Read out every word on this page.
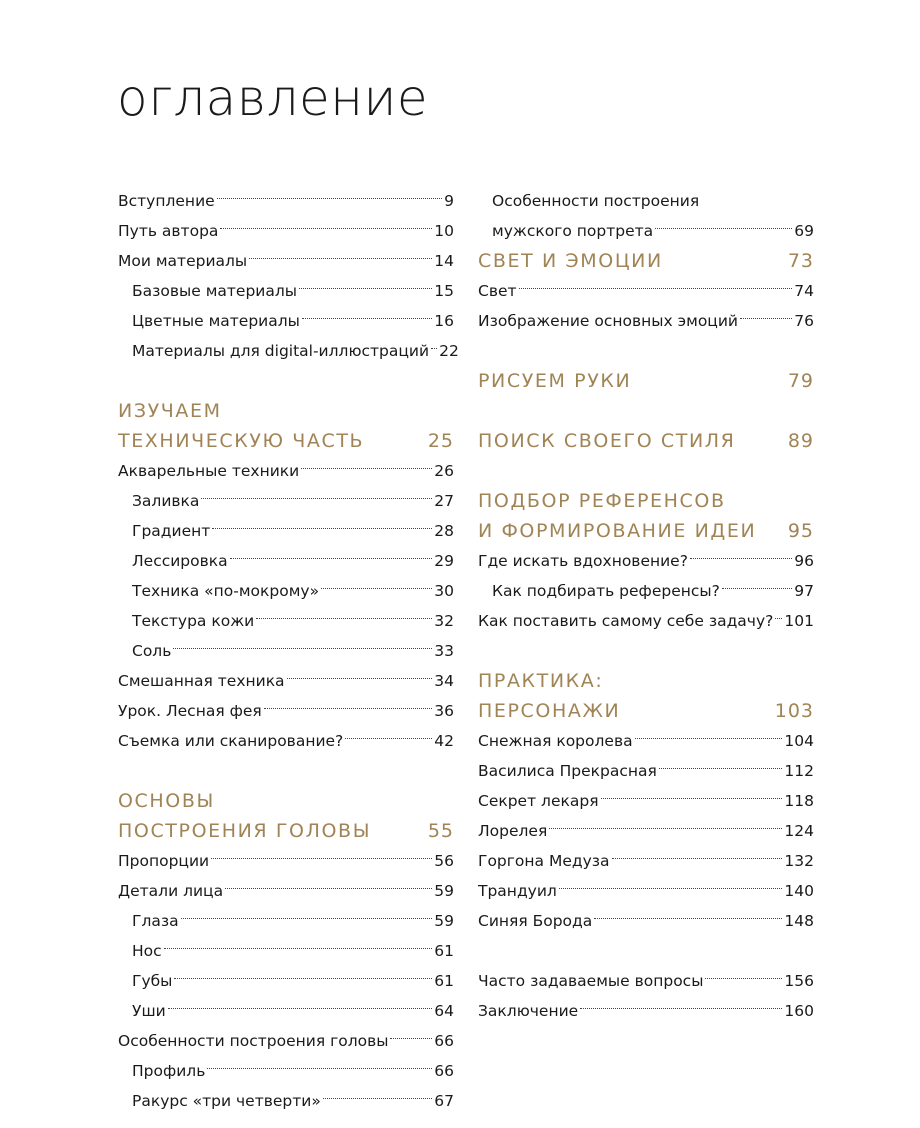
оглавление
Вступление	9
Путь автора	10
Мои материалы	14
Базовые материалы	15
Цветные материалы	16
Материалы для digital-иллюстраций 22
ИЗУЧАЕМ
ТЕХНИЧЕСКУЮ ЧАСТЬ	25
Акварельные техники	26
Заливка	27
Градиент	28
Лессировка	29
Техника «по-мокрому»	30
Текстура кожи	32
Соль	33
Смешанная техника	34
Урок. Лесная фея	36
Съемка или сканирование?	42
ОСНОВЫ
ПОСТРОЕНИЯ ГОЛОВЫ	55
Пропорции	56
Детали лица	59
Глаза	59
Нос	61
Губы	61
Уши	64
Особенности построения головы	66
Профиль	66
Ракурс «три четверти»	67
Особенности построения
мужского портрета	69
СВЕТ И ЭМОЦИИ	73
Свет	74
Изображение основных эмоций	76
РИСУЕМ РУКИ	79
ПОИСК СВОЕГО СТИЛЯ	89
ПОДБОР РЕФЕРЕНСОВ
И ФОРМИРОВАНИЕ ИДЕИ	95
Где искать вдохновение?	96
Как подбирать референсы?	97
Как поставить самому себе задачу? 101
ПРАКТИКА:
ПЕРСОНАЖИ	103
Снежная королева	104
Василиса Прекрасная	112
Секрет лекаря	118
Лорелея	124
Горгона Медуза	132
Трандуил	140
Синяя Борода	148
Часто задаваемые вопросы	156
Заключение	160
